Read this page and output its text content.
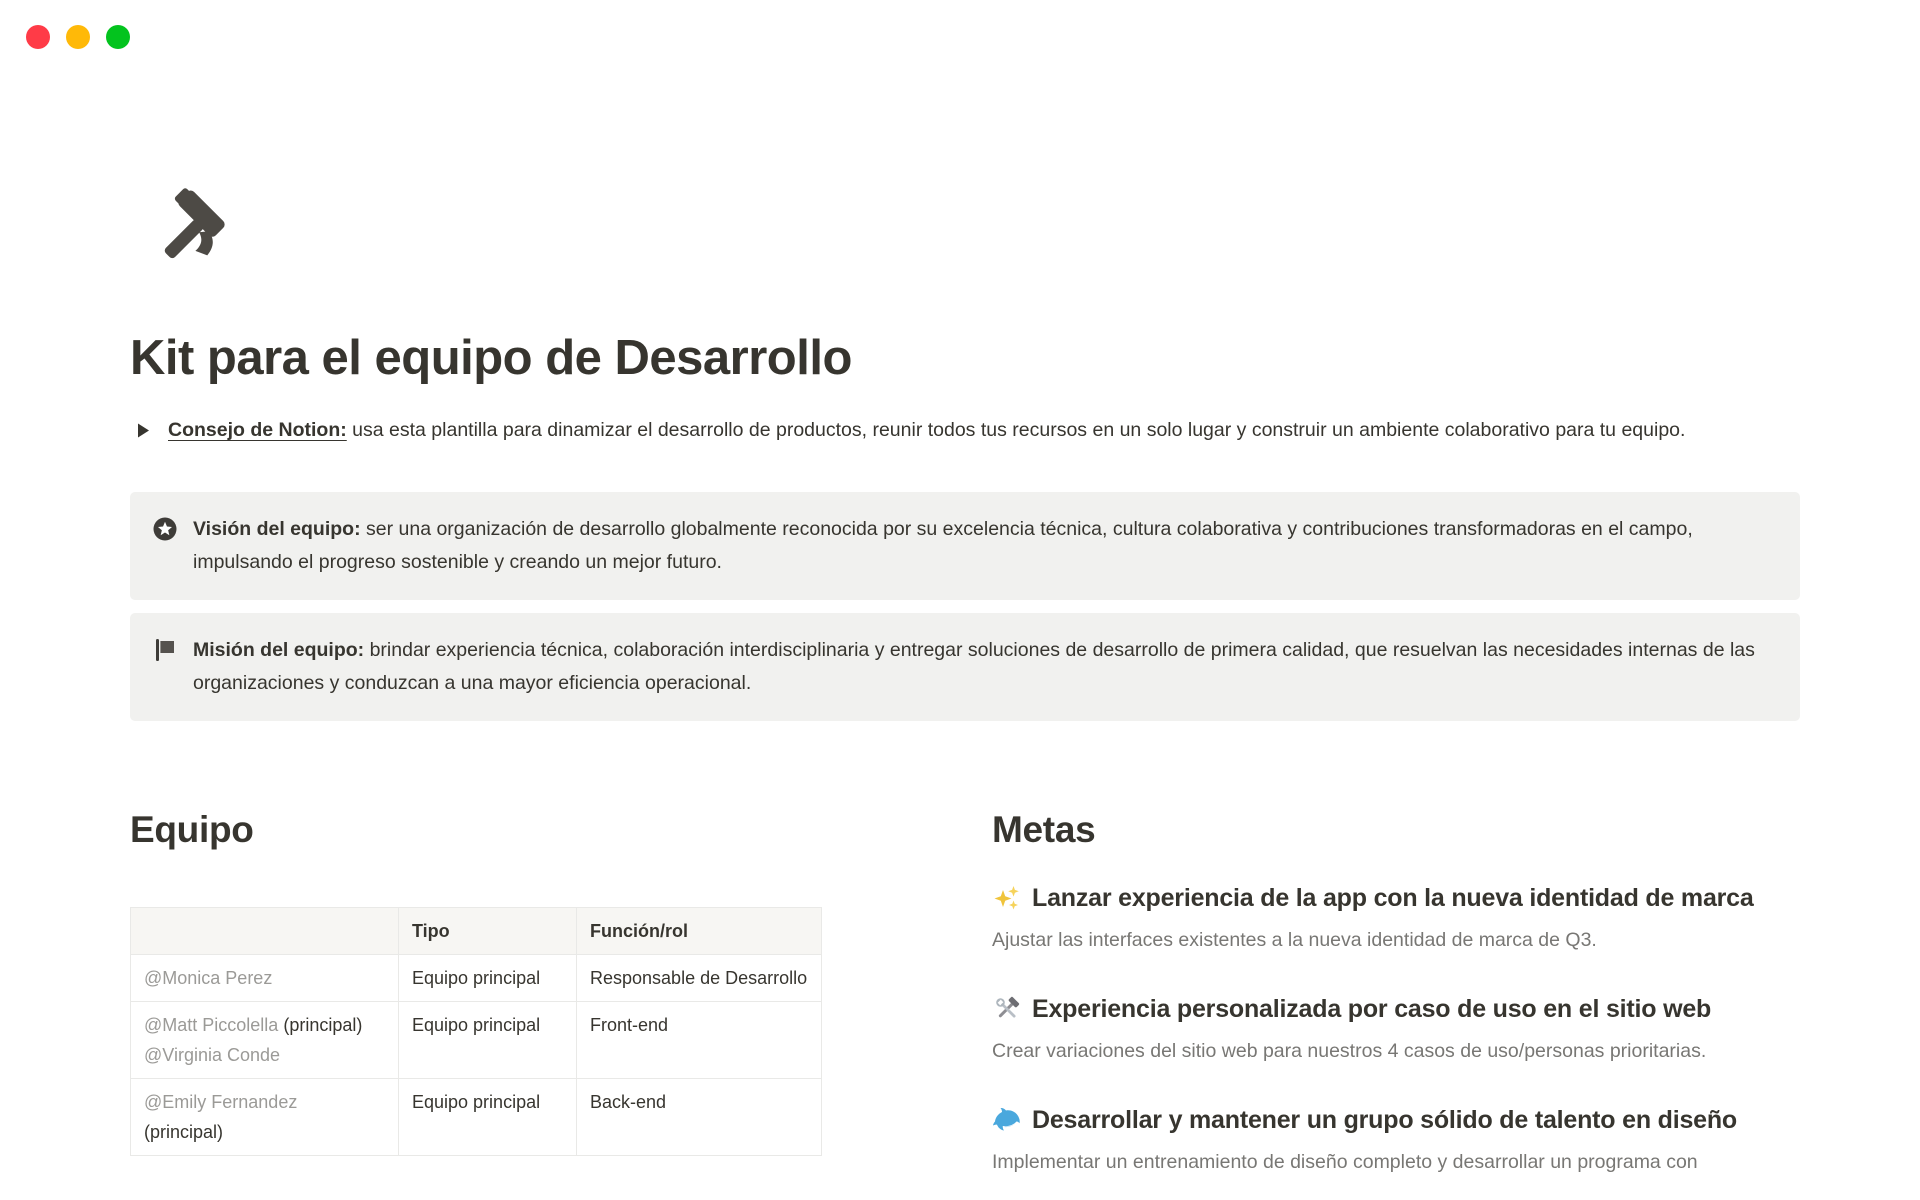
Kit para el equipo de Desarrollo
Consejo de Notion: usa esta plantilla para dinamizar el desarrollo de productos, reunir todos tus recursos en un solo lugar y construir un ambiente colaborativo para tu equipo.
Visión del equipo: ser una organización de desarrollo globalmente reconocida por su excelencia técnica, cultura colaborativa y contribuciones transformadoras en el campo, impulsando el progreso sostenible y creando un mejor futuro.
Misión del equipo: brindar experiencia técnica, colaboración interdisciplinaria y entregar soluciones de desarrollo de primera calidad, que resuelvan las necesidades internas de las organizaciones y conduzcan a una mayor eficiencia operacional.
Equipo
	Tipo	Función/rol

@Monica Perez	Equipo principal	Responsable de Desarrollo

@Matt Piccolella (principal)
@Virginia Conde	Equipo principal	Front-end

@Emily Fernandez
(principal)	Equipo principal	Back-end
Metas
Lanzar experiencia de la app con la nueva identidad de marca
Ajustar las interfaces existentes a la nueva identidad de marca de Q3.
Experiencia personalizada por caso de uso en el sitio web
Crear variaciones del sitio web para nuestros 4 casos de uso/personas prioritarias.
Desarrollar y mantener un grupo sólido de talento en diseño
Implementar un entrenamiento de diseño completo y desarrollar un programa con
